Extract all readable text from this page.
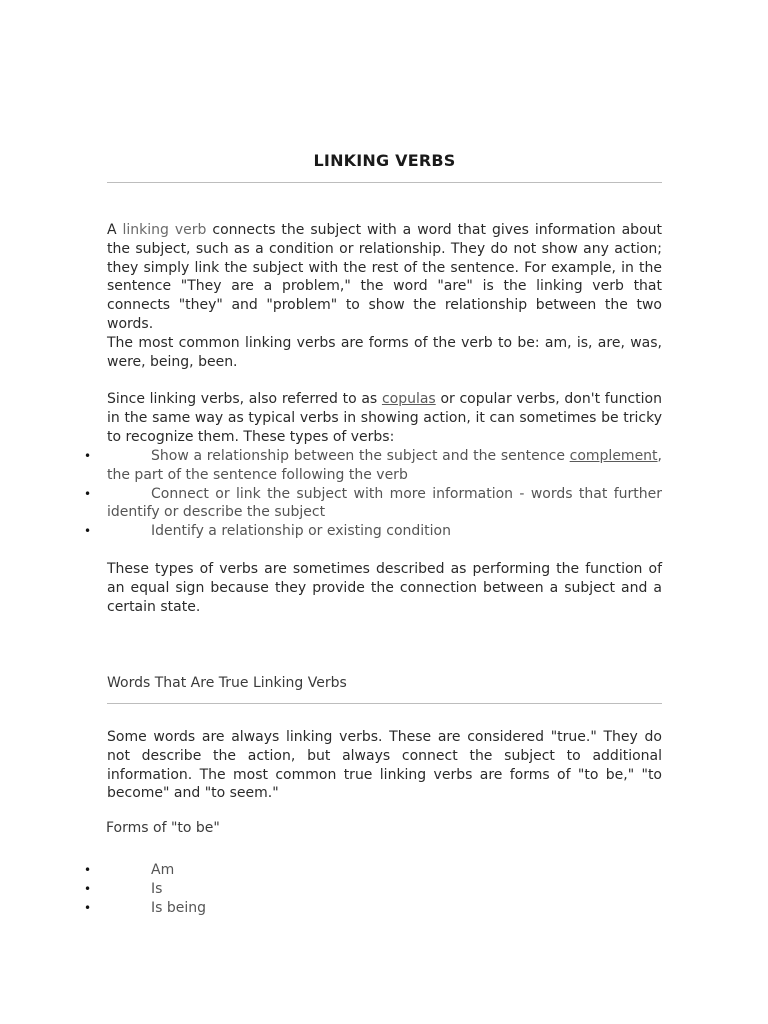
LINKING VERBS

A linking verb connects the subject with a word that gives information about the subject, such as a condition or relationship. They do not show any action; they simply link the subject with the rest of the sentence. For example, in the sentence "They are a problem," the word "are" is the linking verb that connects "they" and "problem" to show the relationship between the two words.

The most common linking verbs are forms of the verb to be: am, is, are, was, were, being, been.

Since linking verbs, also referred to as copulas or copular verbs, don't function in the same way as typical verbs in showing action, it can sometimes be tricky to recognize them. These types of verbs:

•	Show a relationship between the subject and the sentence complement, the part of the sentence following the verb
•	Connect or link the subject with more information - words that further identify or describe the subject
•	Identify a relationship or existing condition

These types of verbs are sometimes described as performing the function of an equal sign because they provide the connection between a subject and a certain state.

Words That Are True Linking Verbs

Some words are always linking verbs. These are considered "true." They do not describe the action, but always connect the subject to additional information. The most common true linking verbs are forms of "to be," "to become" and "to seem."

Forms of "to be"
•	Am
•	Is
•	Is being
